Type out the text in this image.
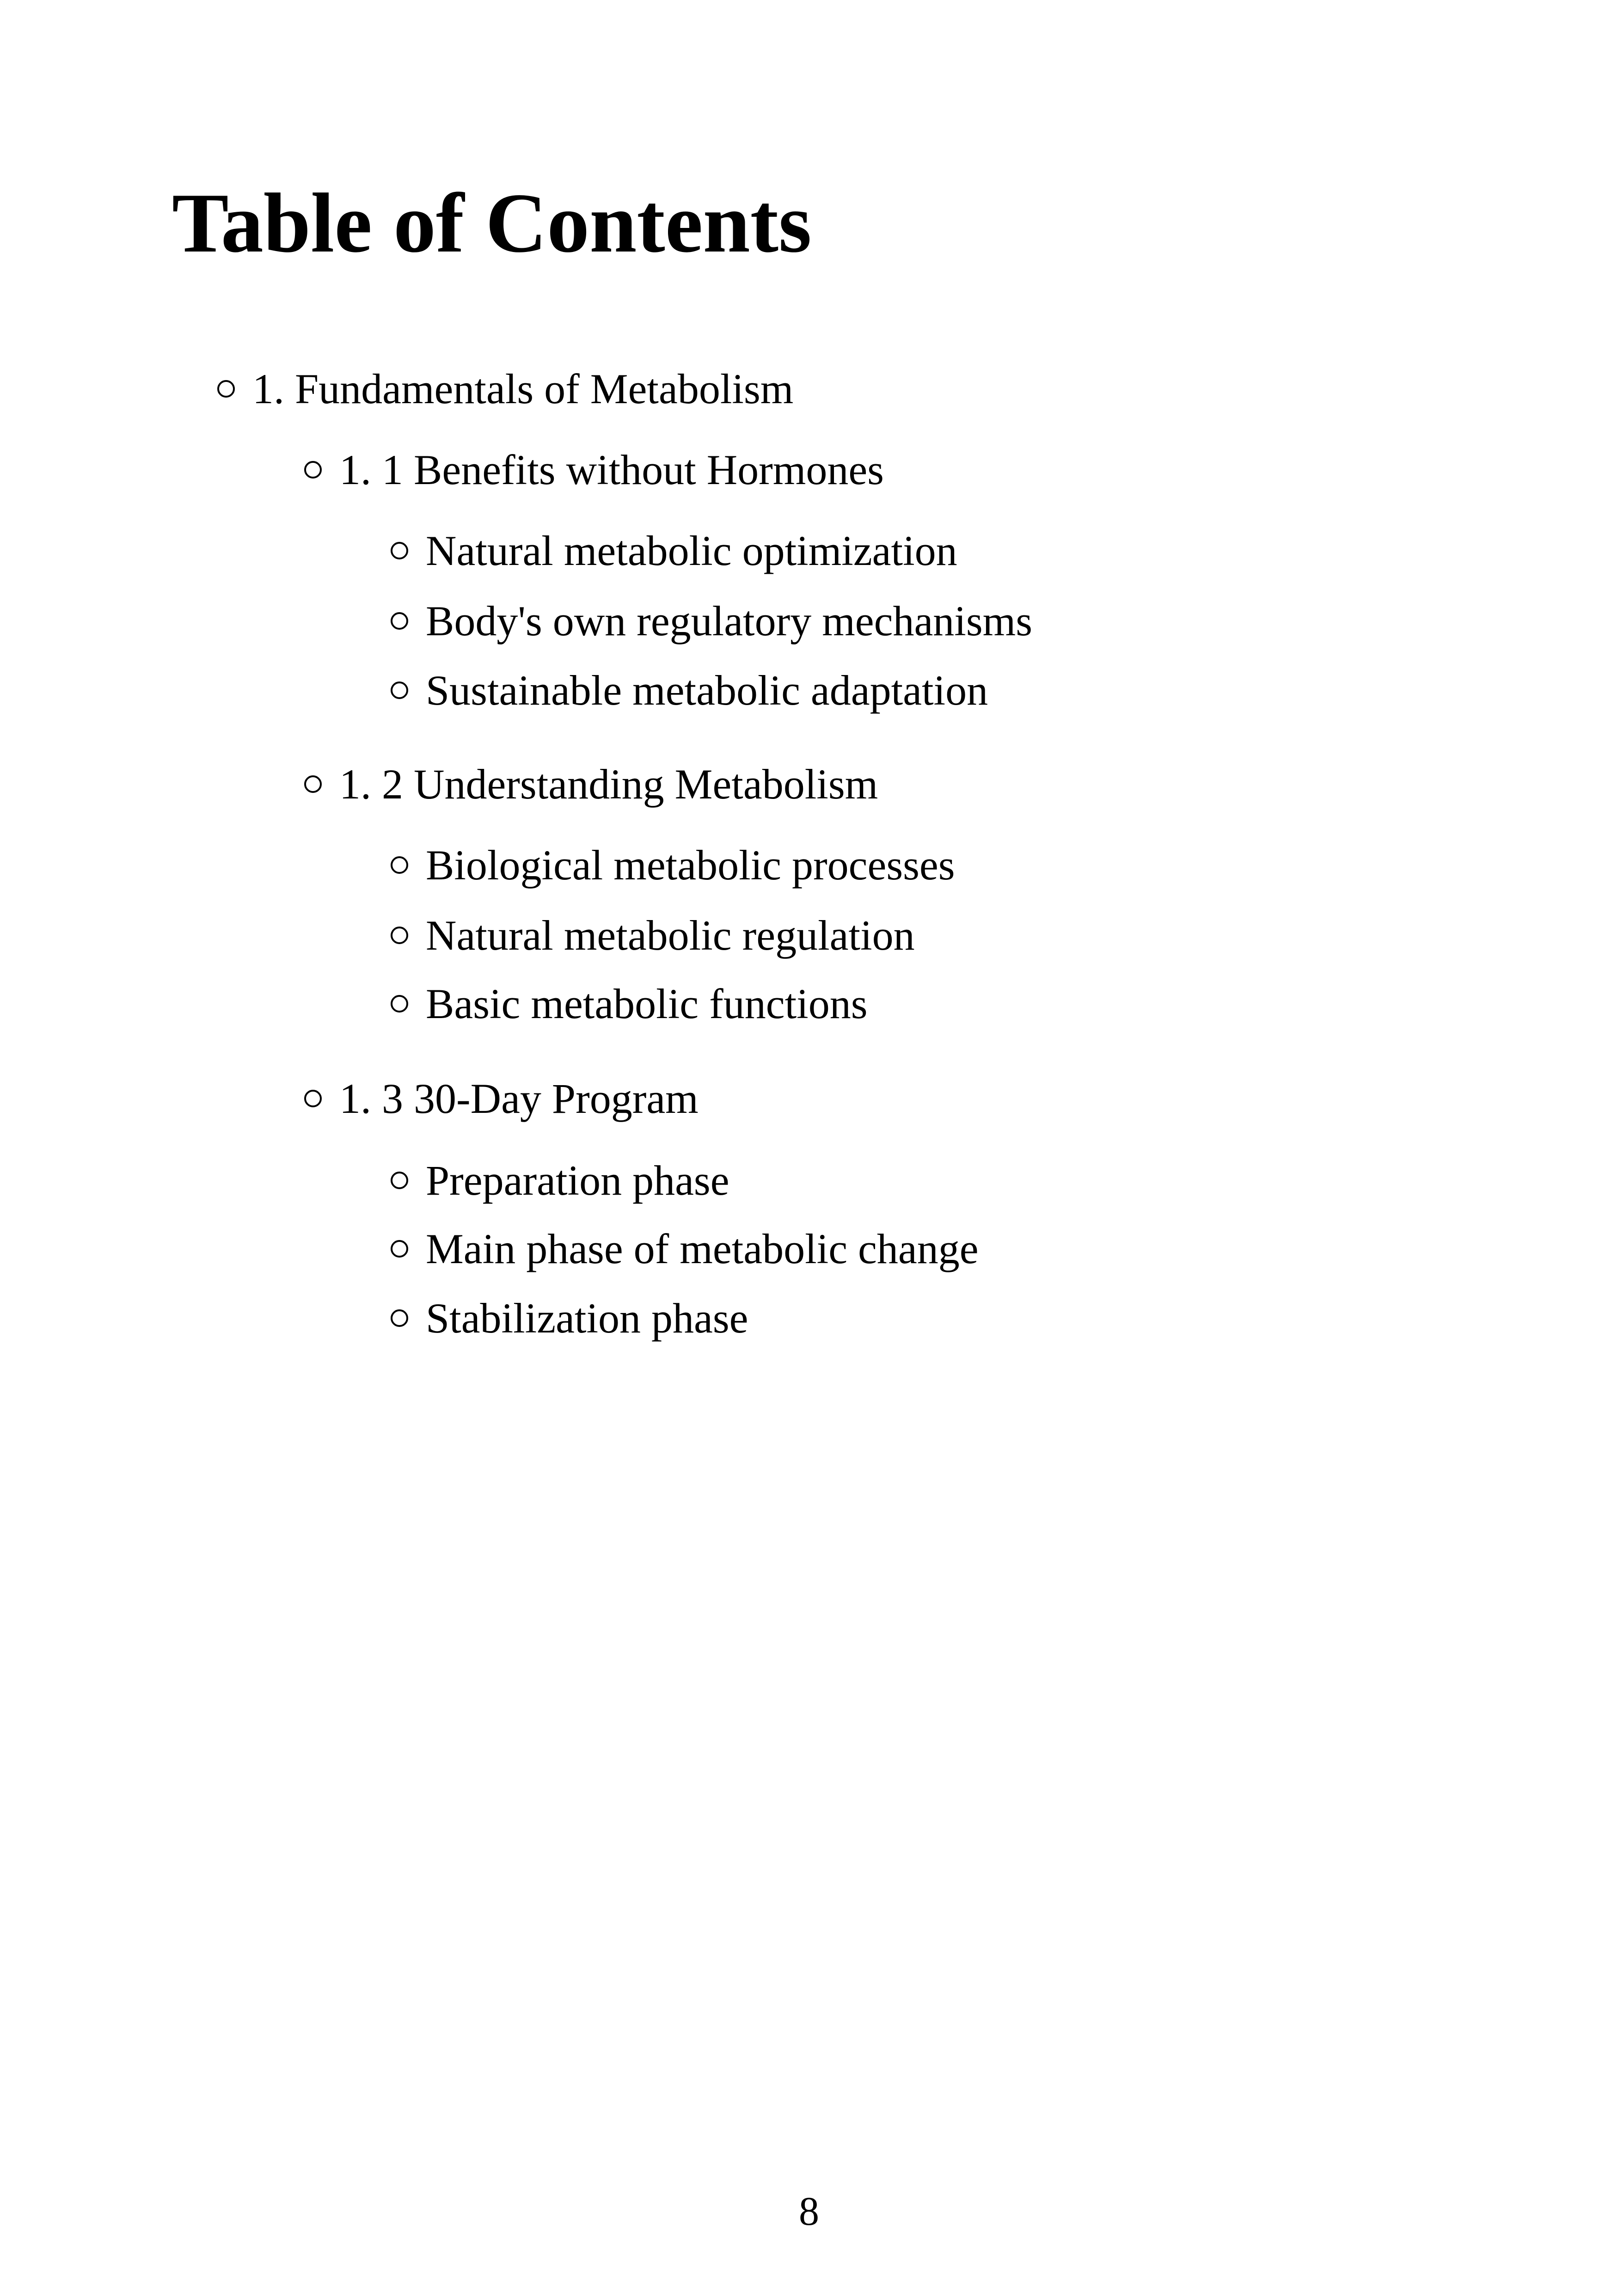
Table of Contents
1. Fundamentals of Metabolism
1. 1 Benefits without Hormones
Natural metabolic optimization
Body's own regulatory mechanisms
Sustainable metabolic adaptation
1. 2 Understanding Metabolism
Biological metabolic processes
Natural metabolic regulation
Basic metabolic functions
1. 3 30-Day Program
Preparation phase
Main phase of metabolic change
Stabilization phase
8
